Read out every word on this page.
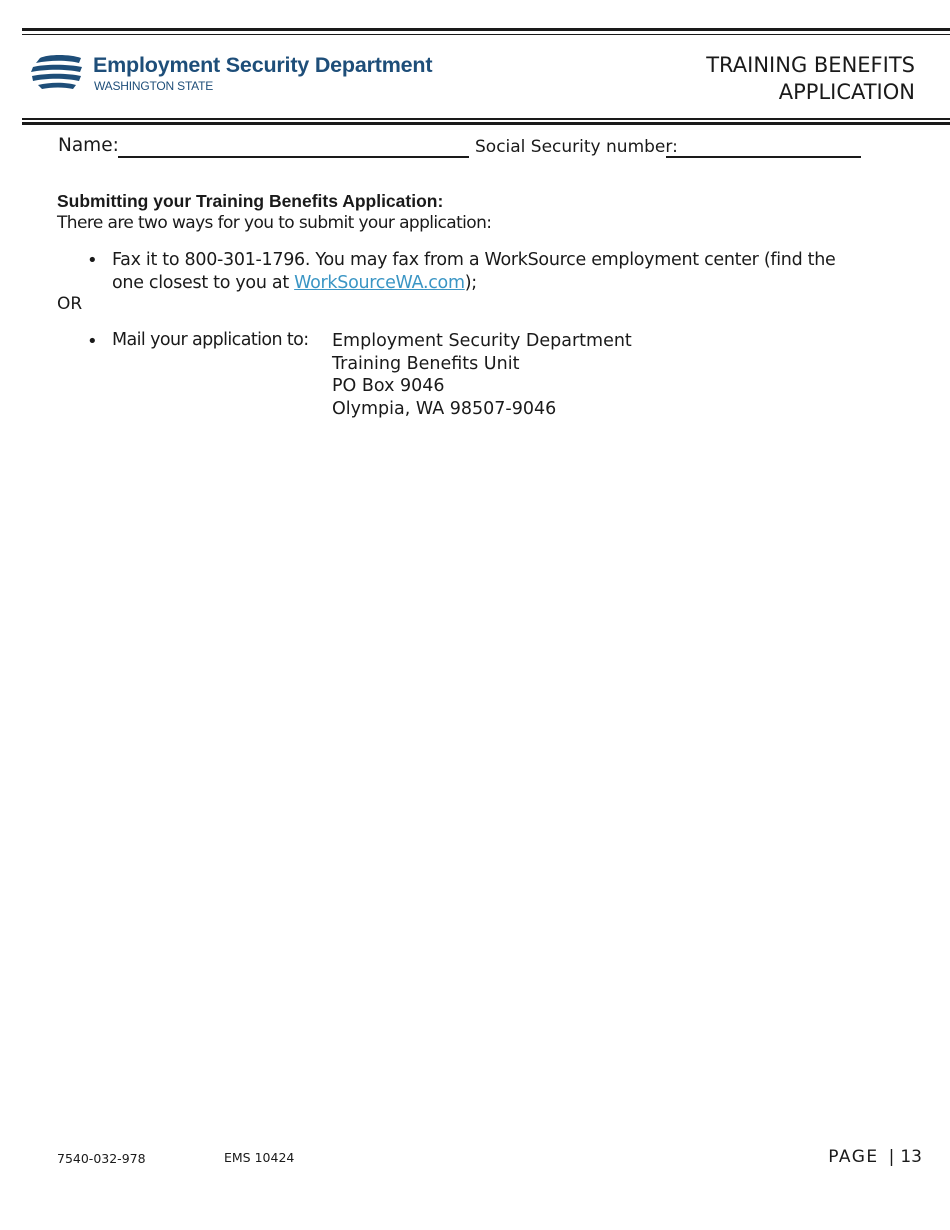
Employment Security Department
WASHINGTON STATE
TRAINING BENEFITS
APPLICATION
Name:	Social Security number:
Submitting your Training Benefits Application:
There are two ways for you to submit your application:
• Fax it to 800-301-1796. You may fax from a WorkSource employment center (find the one closest to you at WorkSourceWA.com);
OR
• Mail your application to: Employment Security Department
Training Benefits Unit
PO Box 9046
Olympia, WA 98507-9046
7540-032-978	EMS 10424	PAGE | 13
